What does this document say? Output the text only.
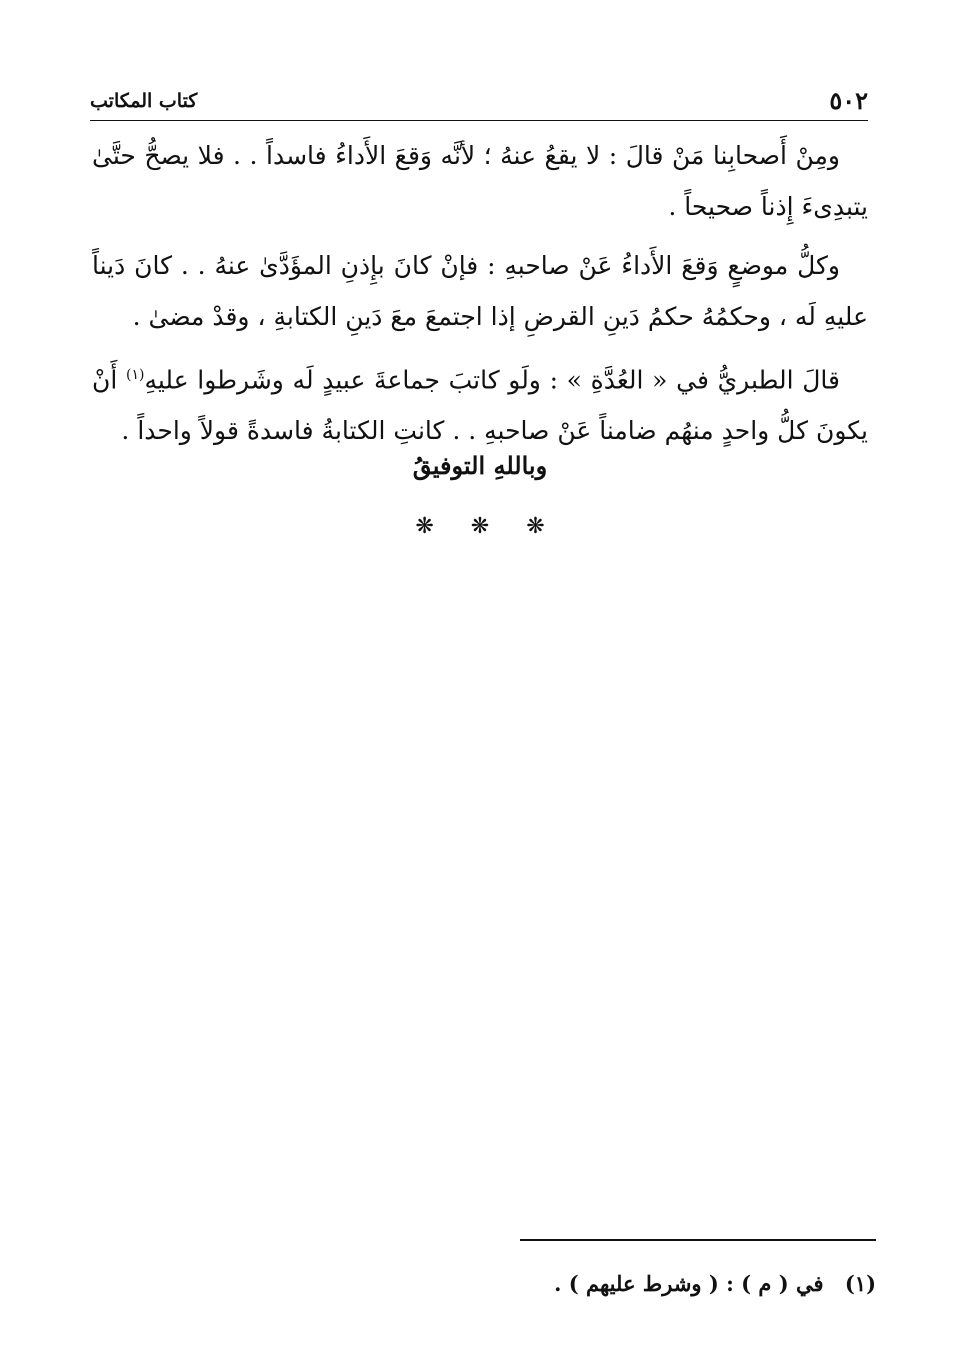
٥٠٢
كتاب المكاتب

ومِنْ أَصحابِنا مَنْ قالَ : لا يقعُ عنهُ ؛ لأنَّه وَقعَ الأَداءُ فاسداً . . فلا يصحُّ حتَّىٰ يتبدِىءَ إِذناً صحيحاً .

وكلُّ موضعٍ وَقعَ الأَداءُ عَنْ صاحبهِ : فإنْ كانَ بإِذنِ المؤَدَّىٰ عنهُ . . كانَ دَيناً عليهِ لَه ، وحكمُهُ حكمُ دَينِ القرضِ إذا اجتمعَ معَ دَينِ الكتابةِ ، وقدْ مضىٰ .

قالَ الطبريُّ في « العُدَّةِ » : ولَو كاتبَ جماعةَ عبيدٍ لَه وشَرطوا عليهِ$^{(١)}$ أَنْ يكونَ كلُّ واحدٍ منهُم ضامناً عَنْ صاحبهِ . . كانتِ الكتابةُ فاسدةً قولاً واحداً .

وباللهِ التوفيقُ
❋ ❋ ❋
(١) في ( م ) : ( وشرط عليهم ) .
